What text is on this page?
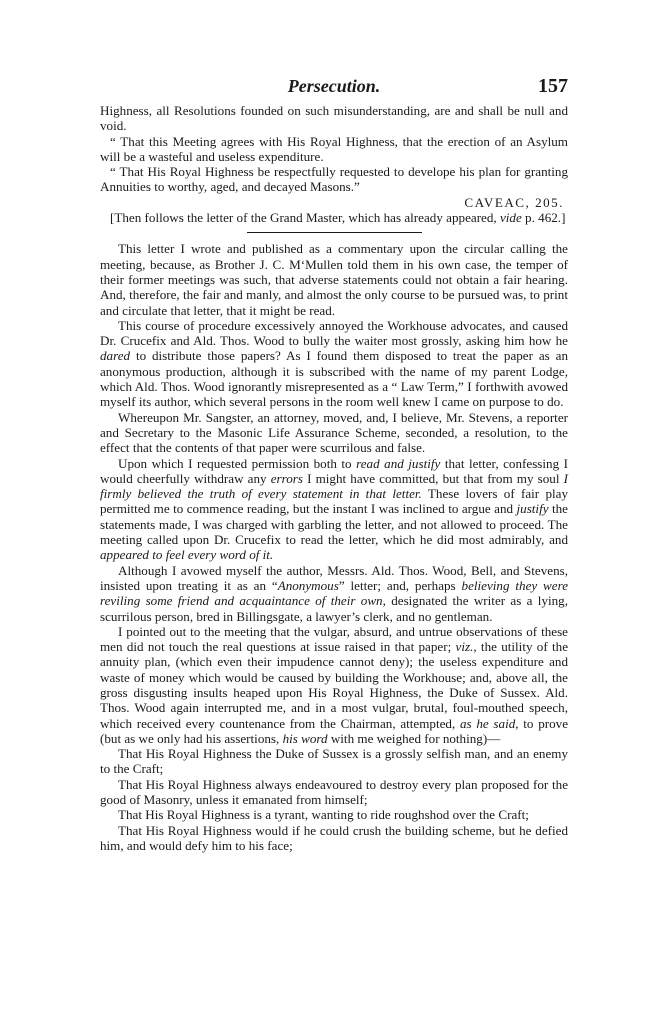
Persecution.	157

Highness, all Resolutions founded on such misunderstanding, are and shall be null and void.

“ That this Meeting agrees with His Royal Highness, that the erection of an Asylum will be a wasteful and useless expenditure.

“ That His Royal Highness be respectfully requested to develope his plan for granting Annuities to worthy, aged, and decayed Masons.”

CAVEAC, 205.

[Then follows the letter of the Grand Master, which has already appeared, vide p. 462.]

This letter I wrote and published as a commentary upon the circular calling the meeting, because, as Brother J. C. M‘Mullen told them in his own case, the temper of their former meetings was such, that adverse statements could not obtain a fair hearing. And, therefore, the fair and manly, and almost the only course to be pursued was, to print and circulate that letter, that it might be read.

This course of procedure excessively annoyed the Workhouse advocates, and caused Dr. Crucefix and Ald. Thos. Wood to bully the waiter most grossly, asking him how he dared to distribute those papers? As I found them disposed to treat the paper as an anonymous production, although it is subscribed with the name of my parent Lodge, which Ald. Thos. Wood ignorantly misrepresented as a “ Law Term,” I forthwith avowed myself its author, which several persons in the room well knew I came on purpose to do.

Whereupon Mr. Sangster, an attorney, moved, and, I believe, Mr. Stevens, a reporter and Secretary to the Masonic Life Assurance Scheme, seconded, a resolution, to the effect that the contents of that paper were scurrilous and false.

Upon which I requested permission both to read and justify that letter, confessing I would cheerfully withdraw any errors I might have committed, but that from my soul I firmly believed the truth of every statement in that letter. These lovers of fair play permitted me to commence reading, but the instant I was inclined to argue and justify the statements made, I was charged with garbling the letter, and not allowed to proceed. The meeting called upon Dr. Crucefix to read the letter, which he did most admirably, and appeared to feel every word of it.

Although I avowed myself the author, Messrs. Ald. Thos. Wood, Bell, and Stevens, insisted upon treating it as an “Anonymous” letter; and, perhaps believing they were reviling some friend and acquaintance of their own, designated the writer as a lying, scurrilous person, bred in Billingsgate, a lawyer’s clerk, and no gentleman.

I pointed out to the meeting that the vulgar, absurd, and untrue observations of these men did not touch the real questions at issue raised in that paper; viz., the utility of the annuity plan, (which even their impudence cannot deny); the useless expenditure and waste of money which would be caused by building the Workhouse; and, above all, the gross disgusting insults heaped upon His Royal Highness, the Duke of Sussex. Ald. Thos. Wood again interrupted me, and in a most vulgar, brutal, foul-mouthed speech, which received every countenance from the Chairman, attempted, as he said, to prove (but as we only had his assertions, his word with me weighed for nothing)—

That His Royal Highness the Duke of Sussex is a grossly selfish man, and an enemy to the Craft;

That His Royal Highness always endeavoured to destroy every plan proposed for the good of Masonry, unless it emanated from himself;

That His Royal Highness is a tyrant, wanting to ride roughshod over the Craft;

That His Royal Highness would if he could crush the building scheme, but he defied him, and would defy him to his face;
